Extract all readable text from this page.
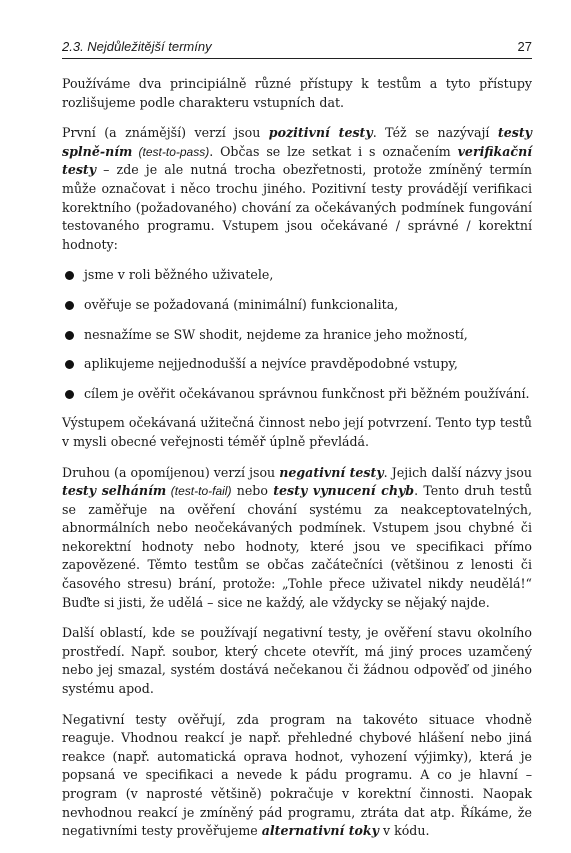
2.3. Nejdůležitější termíny	27

Používáme dva principiálně různé přístupy k testům a tyto přístupy rozlišujeme podle charakteru vstupních dat.

První (a známější) verzí jsou pozitivní testy. Též se nazývají testy splně-ním (test-to-pass). Občas se lze setkat i s označením verifikační testy – zde je ale nutná trocha obezřetnosti, protože zmíněný termín může označovat i něco trochu jiného. Pozitivní testy provádějí verifikaci korektního (požadovaného) chování za očekávaných podmínek fungování testovaného programu. Vstupem jsou očekávané / správné / korektní hodnoty:

jsme v roli běžného uživatele,
ověřuje se požadovaná (minimální) funkcionalita,
nesnažíme se SW shodit, nejdeme za hranice jeho možností,
aplikujeme nejjednodušší a nejvíce pravděpodobné vstupy,
cílem je ověřit očekávanou správnou funkčnost při běžném používání.

Výstupem očekávaná užitečná činnost nebo její potvrzení. Tento typ testů v mysli obecné veřejnosti téměř úplně převládá.

Druhou (a opomíjenou) verzí jsou negativní testy. Jejich další názvy jsou testy selháním (test-to-fail) nebo testy vynucení chyb. Tento druh testů se zaměřuje na ověření chování systému za neakceptovatelných, abnormálních nebo neočekávaných podmínek. Vstupem jsou chybné či nekorektní hodnoty nebo hodnoty, které jsou ve specifikaci přímo zapovězené. Těmto testům se občas začátečníci (většinou z lenosti či časového stresu) brání, protože: „Tohle přece uživatel nikdy neudělá!“ Buďte si jisti, že udělá – sice ne každý, ale vždycky se nějaký najde.

Další oblastí, kde se používají negativní testy, je ověření stavu okolního prostředí. Např. soubor, který chcete otevřít, má jiný proces uzamčený nebo jej smazal, systém dostává nečekanou či žádnou odpověď od jiného systému apod.

Negativní testy ověřují, zda program na takovéto situace vhodně reaguje. Vhodnou reakcí je např. přehledné chybové hlášení nebo jiná reakce (např. automatická oprava hodnot, vyhození výjimky), která je popsaná ve specifikaci a nevede k pádu programu. A co je hlavní – program (v naprosté většině) pokračuje v korektní činnosti. Naopak nevhodnou reakcí je zmíněný pád programu, ztráta dat atp. Říkáme, že negativními testy prověřujeme alternativní toky v kódu.
